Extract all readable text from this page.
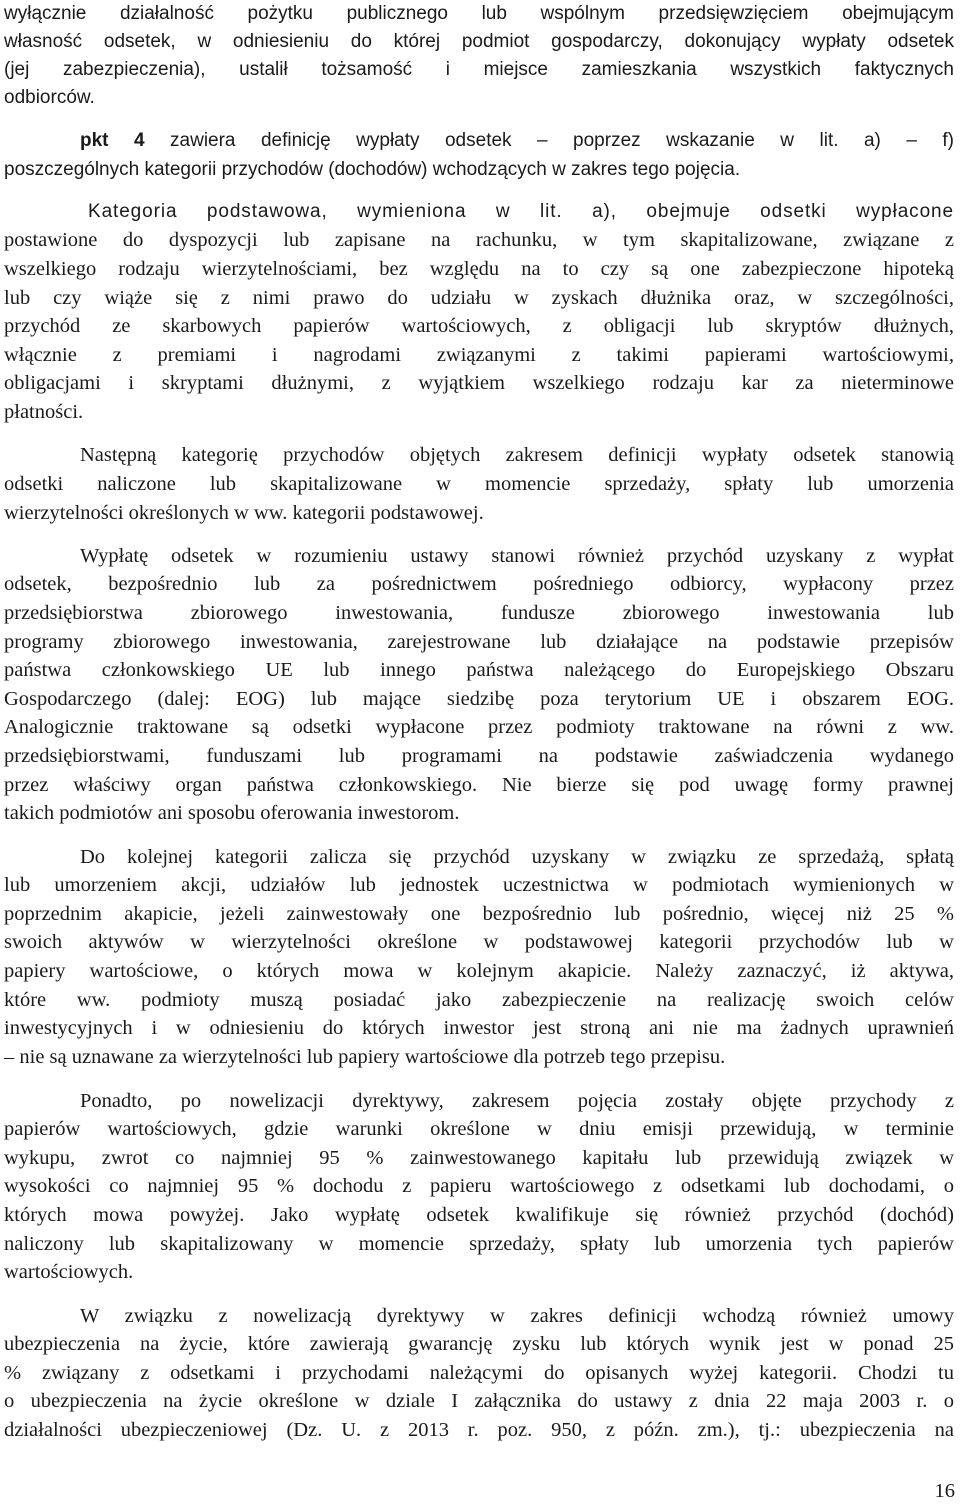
wyłącznie działalność pożytku publicznego lub wspólnym przedsięwzięciem obejmującym
własność odsetek, w odniesieniu do której podmiot gospodarczy, dokonujący wypłaty odsetek
(jej zabezpieczenia), ustalił tożsamość i miejsce zamieszkania wszystkich faktycznych
odbiorców.
pkt 4 zawiera definicję wypłaty odsetek – poprzez wskazanie w lit. a) – f)
poszczególnych kategorii przychodów (dochodów) wchodzących w zakres tego pojęcia.
Kategoria podstawowa, wymieniona w lit. a), obejmuje odsetki wypłacone
postawione do dyspozycji lub zapisane na rachunku, w tym skapitalizowane, związane z
wszelkiego rodzaju wierzytelnościami, bez względu na to czy są one zabezpieczone hipoteką
lub czy wiąże się z nimi prawo do udziału w zyskach dłużnika oraz, w szczególności,
przychód ze skarbowych papierów wartościowych, z obligacji lub skryptów dłużnych,
włącznie z premiami i nagrodami związanymi z takimi papierami wartościowymi,
obligacjami i skryptami dłużnymi, z wyjątkiem wszelkiego rodzaju kar za nieterminowe
płatności.
Następną kategorię przychodów objętych zakresem definicji wypłaty odsetek stanowią
odsetki naliczone lub skapitalizowane w momencie sprzedaży, spłaty lub umorzenia
wierzytelności określonych w ww. kategorii podstawowej.
Wypłatę odsetek w rozumieniu ustawy stanowi również przychód uzyskany z wypłat
odsetek, bezpośrednio lub za pośrednictwem pośredniego odbiorcy, wypłacony przez
przedsiębiorstwa zbiorowego inwestowania, fundusze zbiorowego inwestowania lub
programy zbiorowego inwestowania, zarejestrowane lub działające na podstawie przepisów
państwa członkowskiego UE lub innego państwa należącego do Europejskiego Obszaru
Gospodarczego (dalej: EOG) lub mające siedzibę poza terytorium UE i obszarem EOG.
Analogicznie traktowane są odsetki wypłacone przez podmioty traktowane na równi z ww.
przedsiębiorstwami, funduszami lub programami na podstawie zaświadczenia wydanego
przez właściwy organ państwa członkowskiego. Nie bierze się pod uwagę formy prawnej
takich podmiotów ani sposobu oferowania inwestorom.
Do kolejnej kategorii zalicza się przychód uzyskany w związku ze sprzedażą, spłatą
lub umorzeniem akcji, udziałów lub jednostek uczestnictwa w podmiotach wymienionych w
poprzednim akapicie, jeżeli zainwestowały one bezpośrednio lub pośrednio, więcej niż 25 %
swoich aktywów w wierzytelności określone w podstawowej kategorii przychodów lub w
papiery wartościowe, o których mowa w kolejnym akapicie. Należy zaznaczyć, iż aktywa,
które ww. podmioty muszą posiadać jako zabezpieczenie na realizację swoich celów
inwestycyjnych i w odniesieniu do których inwestor jest stroną ani nie ma żadnych uprawnień
– nie są uznawane za wierzytelności lub papiery wartościowe dla potrzeb tego przepisu.
Ponadto, po nowelizacji dyrektywy, zakresem pojęcia zostały objęte przychody z
papierów wartościowych, gdzie warunki określone w dniu emisji przewidują, w terminie
wykupu, zwrot co najmniej 95 % zainwestowanego kapitału lub przewidują związek w
wysokości co najmniej 95 % dochodu z papieru wartościowego z odsetkami lub dochodami, o
których mowa powyżej. Jako wypłatę odsetek kwalifikuje się również przychód (dochód)
naliczony lub skapitalizowany w momencie sprzedaży, spłaty lub umorzenia tych papierów
wartościowych.
W związku z nowelizacją dyrektywy w zakres definicji wchodzą również umowy
ubezpieczenia na życie, które zawierają gwarancję zysku lub których wynik jest w ponad 25
% związany z odsetkami i przychodami należącymi do opisanych wyżej kategorii. Chodzi tu
o ubezpieczenia na życie określone w dziale I załącznika do ustawy z dnia 22 maja 2003 r. o
działalności ubezpieczeniowej (Dz. U. z 2013 r. poz. 950, z późn. zm.), tj.: ubezpieczenia na
16
